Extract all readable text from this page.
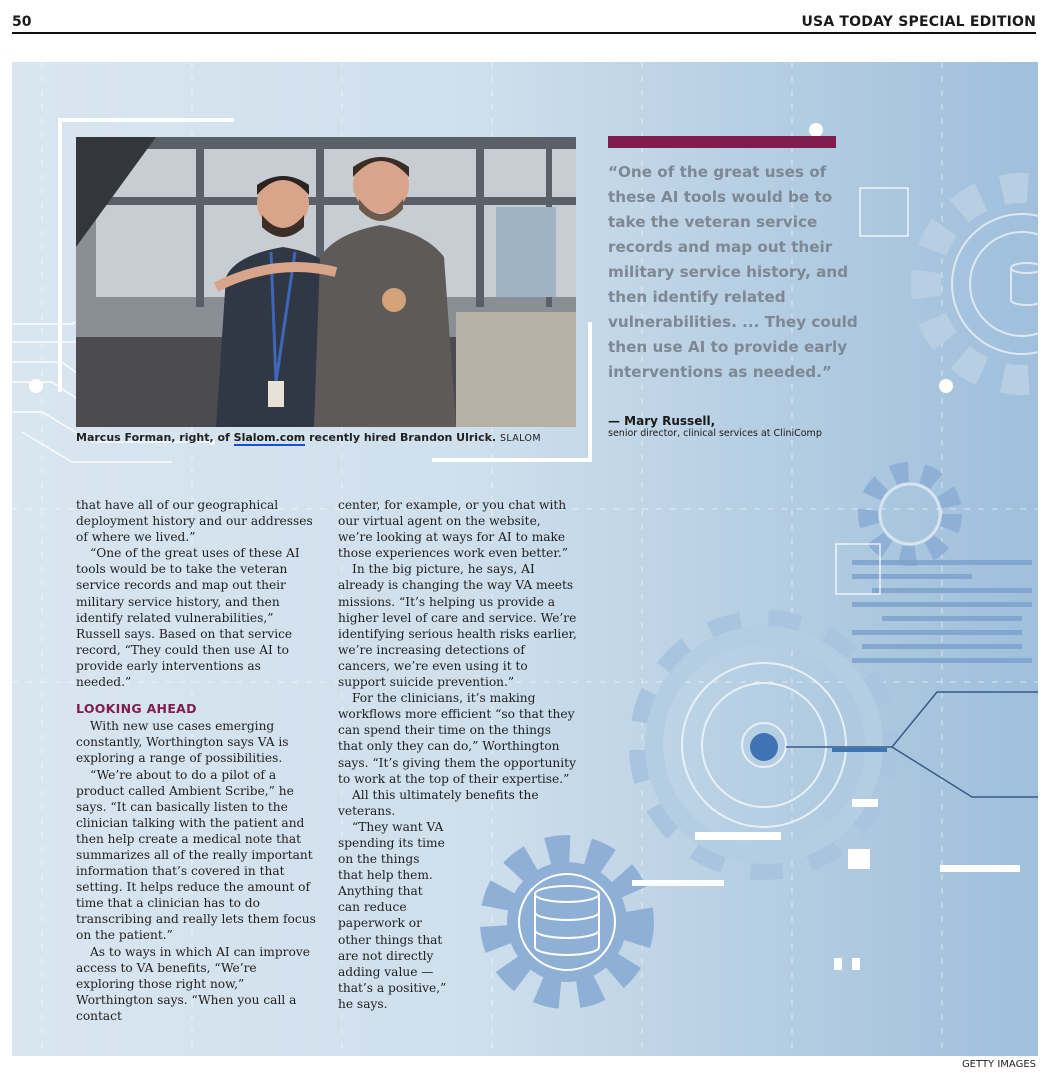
50	USA TODAY SPECIAL EDITION
Marcus Forman, right, of Slalom.com recently hired Brandon Ulrick. SLALOM

“One of the great uses of these AI tools would be to take the veteran service records and map out their military service history, and then identify related vulnerabilities. ... They could then use AI to provide early interventions as needed.”

— Mary Russell,
senior director, clinical services at CliniComp

that have all of our geographical deployment history and our addresses of where we lived.”

“One of the great uses of these AI tools would be to take the veteran service records and map out their military service history, and then identify related vulnerabilities,” Russell says. Based on that service record, “They could then use AI to provide early interventions as needed.”

LOOKING AHEAD

With new use cases emerging constantly, Worthington says VA is exploring a range of possibilities.

“We’re about to do a pilot of a product called Ambient Scribe,” he says. “It can basically listen to the clinician talking with the patient and then help create a medical note that summarizes all of the really important information that’s covered in that setting. It helps reduce the amount of time that a clinician has to do transcribing and really lets them focus on the patient.”

As to ways in which AI can improve access to VA benefits, “We’re exploring those right now,” Worthington says. “When you call a contact

center, for example, or you chat with our virtual agent on the website, we’re looking at ways for AI to make those experiences work even better.”

In the big picture, he says, AI already is changing the way VA meets missions. “It’s helping us provide a higher level of care and service. We’re identifying serious health risks earlier, we’re increasing detections of cancers, we’re even using it to support suicide prevention.”

For the clinicians, it’s making workflows more efficient “so that they can spend their time on the things that only they can do,” Worthington says. “It’s giving them the opportunity to work at the top of their expertise.”

All this ultimately benefits the veterans.

“They want VA spending its time on the things that help them. Anything that can reduce paperwork or other things that are not directly adding value — that’s a positive,” he says.

GETTY IMAGES
